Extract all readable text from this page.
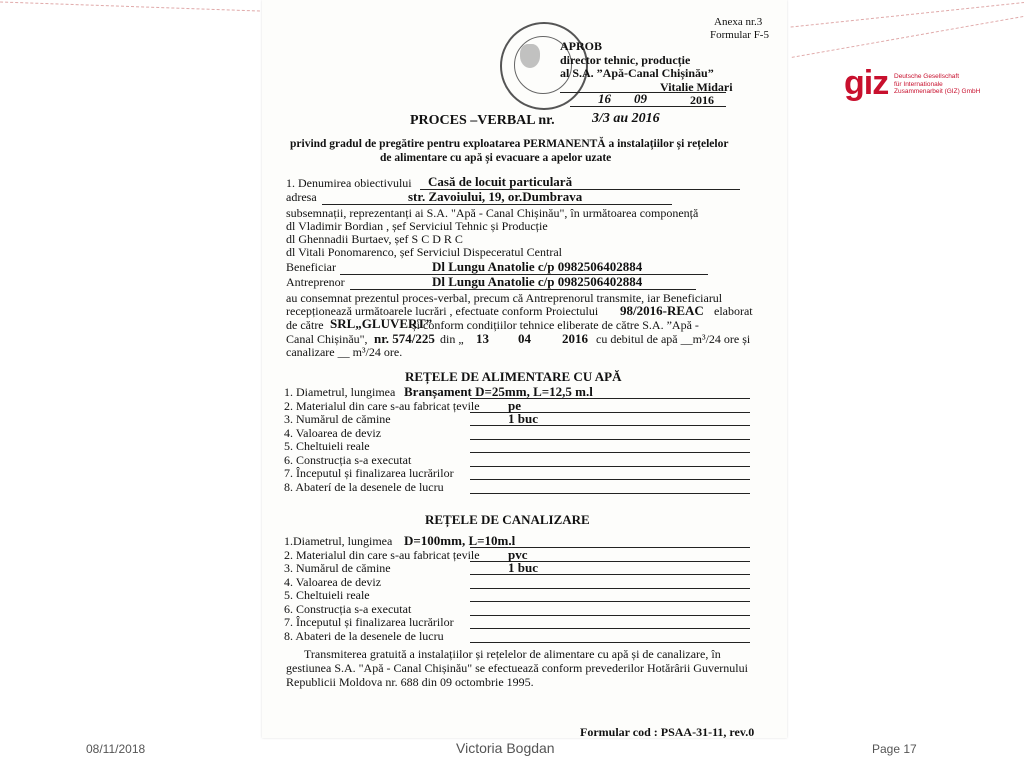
giz Deutsche Gesellschaft
für Internationale
Zusammenarbeit (GIZ) GmbH
Anexa nr.3
Formular F-5
APROB
director tehnic, producție
al S.A. ”Apă-Canal Chișinău”
Vitalie Midari
16 09	2016
PROCES –VERBAL nr.	3/3 au 2016
privind gradul de pregătire pentru exploatarea PERMANENTĂ a instalațiilor și rețelelor
de alimentare cu apă și evacuare a apelor uzate
1. Denumirea obiectivului Casă de locuit particulară
adresa	str. Zavoiului, 19, or.Dumbrava
subsemnații, reprezentanți ai S.A. "Apă - Canal Chișinău", în următoarea componență
dl Vladimir Bordian , șef Serviciul Tehnic și Producție
dl Ghennadii Burtaev, șef S C D R C
dl Vitali Ponomarenco, șef Serviciul Dispeceratul Central
Beneficiar	Dl Lungu Anatolie c/p 0982506402884
Antreprenor	Dl Lungu Anatolie c/p 0982506402884
au consemnat prezentul proces-verbal, precum că Antreprenorul transmite, iar Beneficiarul
recepționează următoarele lucrări , efectuate conform Proiectului 98/2016-REAC elaborat
de către SRL„GLUVERT”
și conform condițiilor tehnice eliberate de către S.A. ”Apă -
Canal Chișinău", nr. 574/225 din „ 13 04 2016 cu debitul de apă __m³/24 ore și
canalizare __ m³/24 ore.
REȚELE DE ALIMENTARE CU APĂ
1. Diametrul, lungimea Branșament D=25mm, L=12,5 m.l
2. Materialul din care s-au fabricat țevile pe
3. Numărul de cămine	1 buc
4. Valoarea de deviz
5. Cheltuieli reale
6. Construcția s-a executat
7. Începutul și finalizarea lucrărilor
8. Abaterí de la desenele de lucru
REȚELE DE CANALIZARE
1.Diametrul, lungimea D=100mm, L=10m.l
2. Materialul din care s-au fabricat țevile pvc
3. Numărul de cămine	1 buc
4. Valoarea de deviz
5. Cheltuieli reale
6. Construcția s-a executat
7. Începutul și finalizarea lucrărilor
8. Abateri de la desenele de lucru
Transmiterea gratuită a instalațiilor și rețelelor de alimentare cu apă și de canalizare, în
gestiunea S.A. "Apă - Canal Chișinău" se efectuează conform prevederilor Hotărârii Guvernului
Republicii Moldova nr. 688 din 09 octombrie 1995.
Formular cod : PSAA-31-11, rev.0
08/11/2018	Victoria Bogdan	Page 17
